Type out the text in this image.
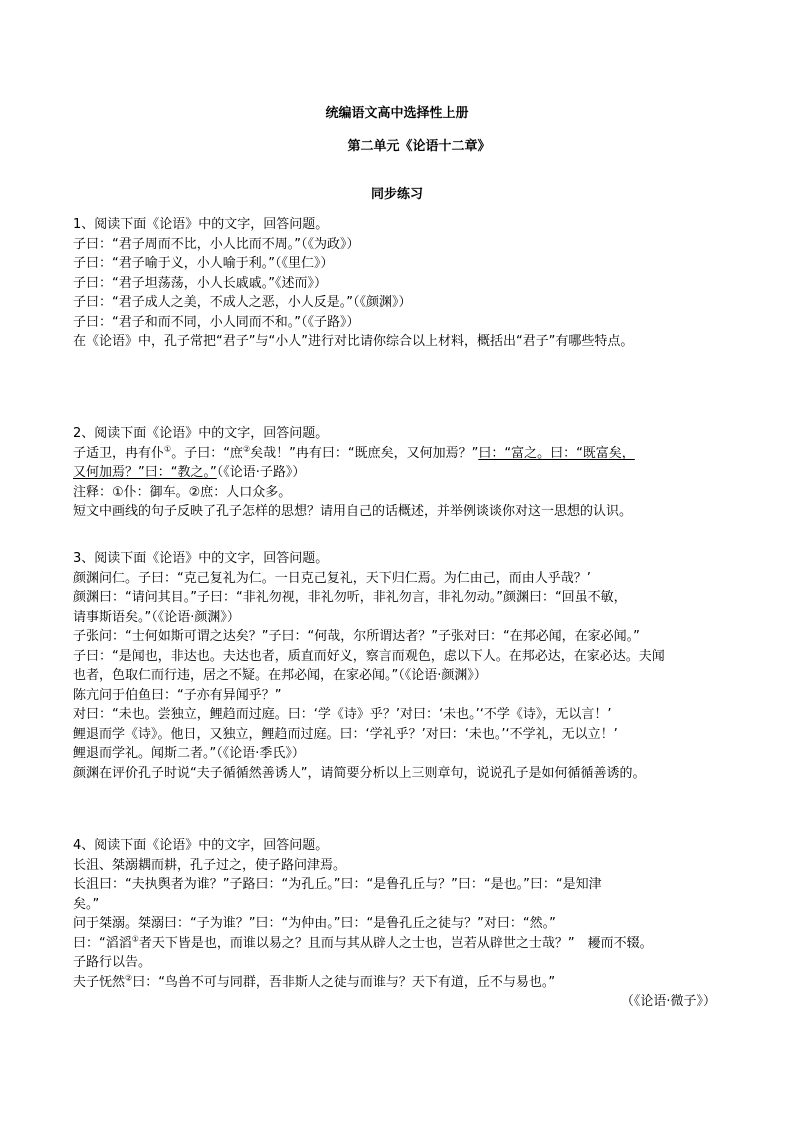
统编语文高中选择性上册
第二单元《论语十二章》
同步练习
1、阅读下面《论语》中的文字，回答问题。
子曰：“君子周而不比，小人比而不周。”（《为政》）
子曰：“君子喻于义，小人喻于利。”（《里仁》）
子曰：“君子坦荡荡，小人长戚戚。”《述而》）
子曰：“君子成人之美，不成人之恶，小人反是。”（《颜渊》）
子曰：“君子和而不同，小人同而不和。”（《子路》）
在《论语》中，孔子常把“君子”与“小人”进行对比请你综合以上材料，概括出“君子”有哪些特点。
2、阅读下面《论语》中的文字，回答问题。
子适卫，冉有仆①。子曰：“庶②矣哉！”冉有曰：“既庶矣，又何加焉？”曰：“富之。曰：“既富矣，
又何加焉？”曰：“教之。”（《论语·子路》）
注释：①仆：御车。②庶：人口众多。
短文中画线的句子反映了孔子怎样的思想？请用自己的话概述，并举例谈谈你对这一思想的认识。
3、阅读下面《论语》中的文字，回答问题。
颜渊问仁。子曰：“克己复礼为仁。一日克己复礼，天下归仁焉。为仁由己，而由人乎哉？’
颜渊曰：“请问其目。”子曰：“非礼勿视，非礼勿听，非礼勿言，非礼勿动。”颜渊曰：“回虽不敏，
请事斯语矣。”（《论语·颜渊》）
子张问：“士何如斯可谓之达矣？”子曰：“何哉，尔所谓达者？”子张对曰：“在邦必闻，在家必闻。”
子曰：“是闻也，非达也。夫达也者，质直而好义，察言而观色，虑以下人。在邦必达，在家必达。夫闻
也者，色取仁而行违，居之不疑。在邦必闻，在家必闻。”（《论语·颜渊》）
陈亢问于伯鱼曰：“子亦有异闻乎？”
对曰：“未也。尝独立，鲤趋而过庭。曰：‘学《诗》乎？’对曰：‘未也。’‘不学《诗》，无以言！’
鲤退而学《诗》。他日，又独立，鲤趋而过庭。曰：‘学礼乎？’对曰：‘未也。’‘不学礼，无以立！’
鲤退而学礼。闻斯二者。”（《论语·季氏》）
颜渊在评价孔子时说“夫子循循然善诱人”，请简要分析以上三则章句，说说孔子是如何循循善诱的。
4、阅读下面《论语》中的文字，回答问题。
长沮、桀溺耦而耕，孔子过之，使子路问津焉。
长沮曰：“夫执舆者为谁？”子路曰：“为孔丘。”曰：“是鲁孔丘与？”曰：“是也。”曰：“是知津
矣。”
问于桀溺。桀溺曰：“子为谁？”曰：“为仲由。”曰：“是鲁孔丘之徒与？”对曰：“然。”
曰：“滔滔①者天下皆是也，而谁以易之？且而与其从辟人之士也，岂若从辟世之士哉？”　耰而不辍。
子路行以告。
夫子怃然②曰：“鸟兽不可与同群，吾非斯人之徒与而谁与？天下有道，丘不与易也。”
（《论语·微子》）
